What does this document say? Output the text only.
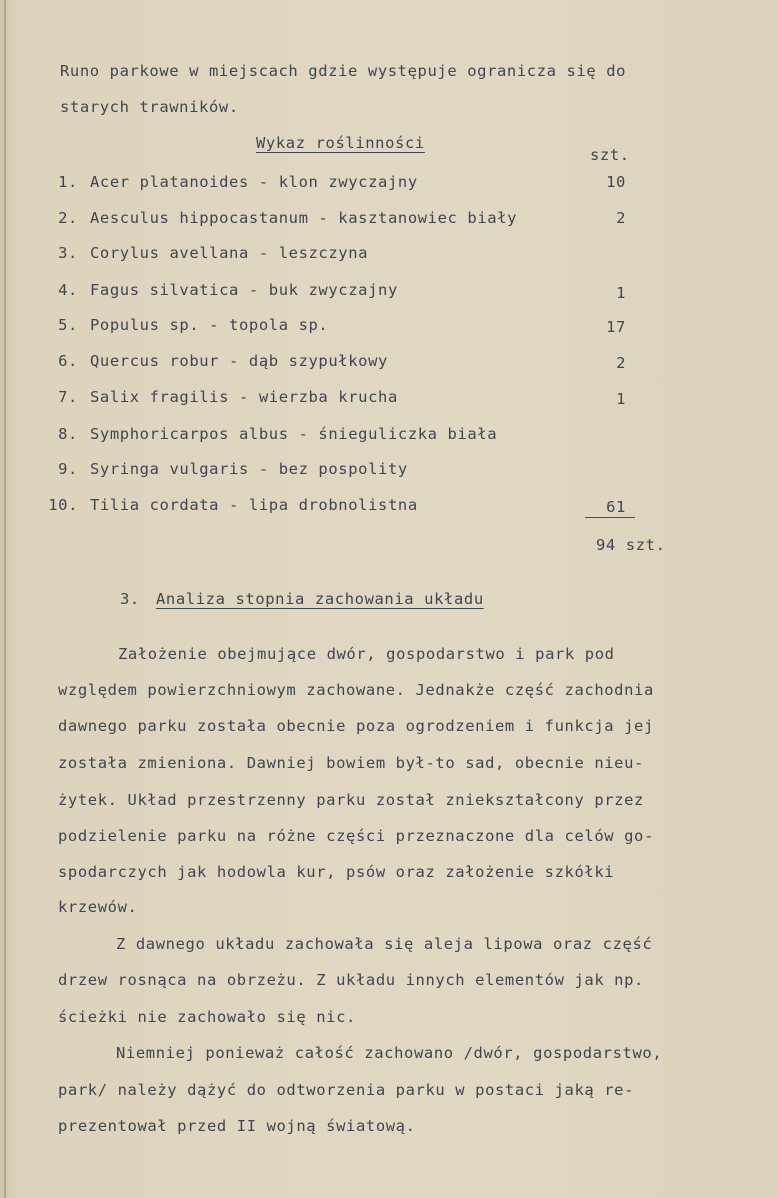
Runo parkowe w miejscach gdzie występuje ogranicza się do
starych trawników.
Wykaz roślinności
szt.
1. Acer platanoides - klon zwyczajny	10
2. Aesculus hippocastanum - kasztanowiec biały	2
3. Corylus avellana - leszczyna
4. Fagus silvatica - buk zwyczajny	1
5. Populus sp. - topola sp.	17
6. Quercus robur - dąb szypułkowy	2
7. Salix fragilis - wierzba krucha	1
8. Symphoricarpos albus - śnieguliczka biała
9. Syringa vulgaris - bez pospolity
10. Tilia cordata - lipa drobnolistna	61
94 szt.
3. Analiza stopnia zachowania układu
Założenie obejmujące dwór, gospodarstwo i park pod
względem powierzchniowym zachowane. Jednakże część zachodnia
dawnego parku została obecnie poza ogrodzeniem i funkcja jej
została zmieniona. Dawniej bowiem był-to sad, obecnie nieu-
żytek. Układ przestrzenny parku został zniekształcony przez
podzielenie parku na różne części przeznaczone dla celów go-
spodarczych jak hodowla kur, psów oraz założenie szkółki
krzewów.
Z dawnego układu zachowała się aleja lipowa oraz część
drzew rosnąca na obrzeżu. Z układu innych elementów jak np.
ścieżki nie zachowało się nic.
Niemniej ponieważ całość zachowano /dwór, gospodarstwo,
park/ należy dążyć do odtworzenia parku w postaci jaką re-
prezentował przed II wojną światową.
